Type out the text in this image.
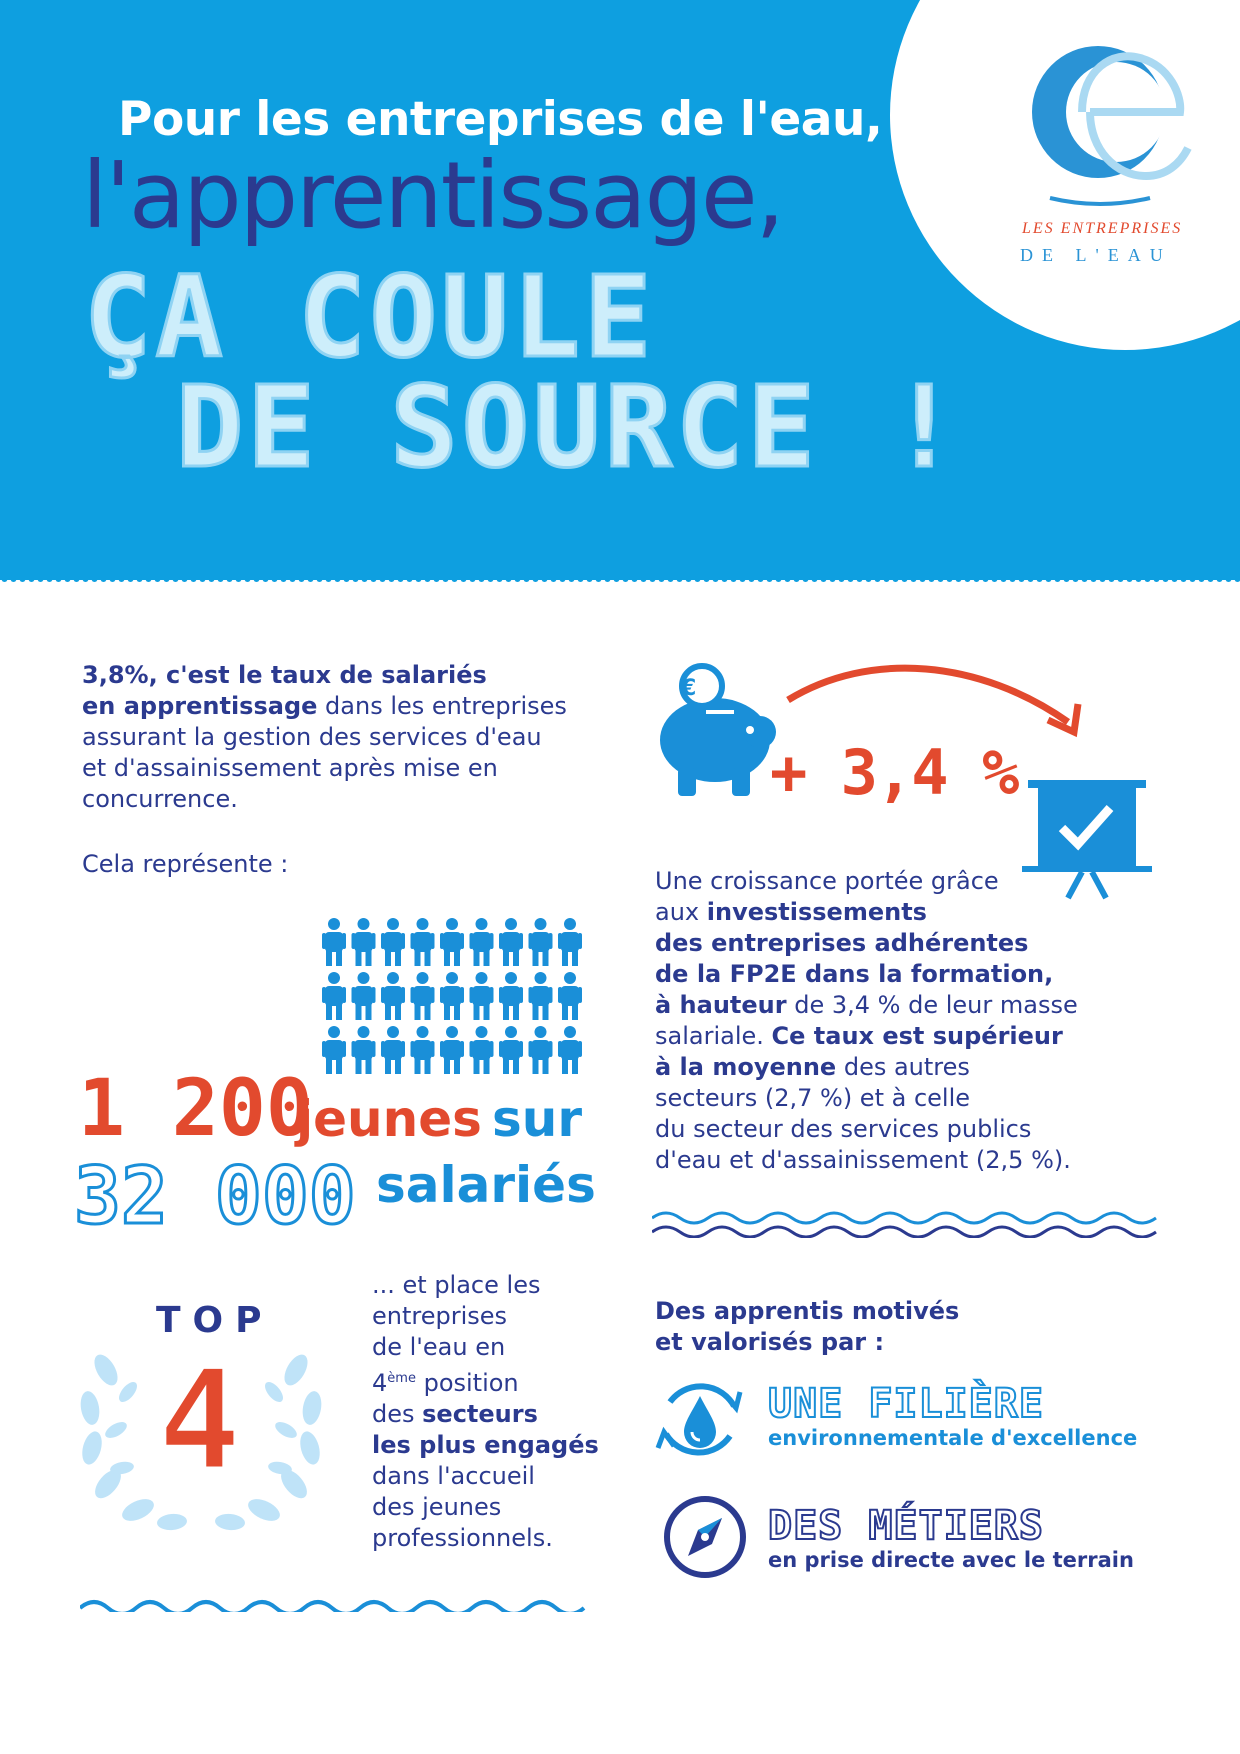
Pour les entreprises de l'eau,
l'apprentissage,
ÇA COULE
DE SOURCE !
LES ENTREPRISES
DE L'EAU
3,8%, c'est le taux de salariés
en apprentissage dans les entreprises
assurant la gestion des services d'eau
et d'assainissement après mise en
concurrence.
Cela représente :
1 200
jeunes sur
32 000 salariés
TOP
4
... et place les
entreprises
de l'eau en
4ème position
des secteurs
les plus engagés
dans l'accueil
des jeunes
professionnels.
€
+ 3,4 %
Une croissance portée grâce
aux investissements
des entreprises adhérentes
de la FP2E dans la formation,
à hauteur de 3,4 % de leur masse
salariale. Ce taux est supérieur
à la moyenne des autres
secteurs (2,7 %) et à celle
du secteur des services publics
d'eau et d'assainissement (2,5 %).
Des apprentis motivés
et valorisés par :
UNE FILIÈRE
environnementale d'excellence
DES MÉTIERS
en prise directe avec le terrain
